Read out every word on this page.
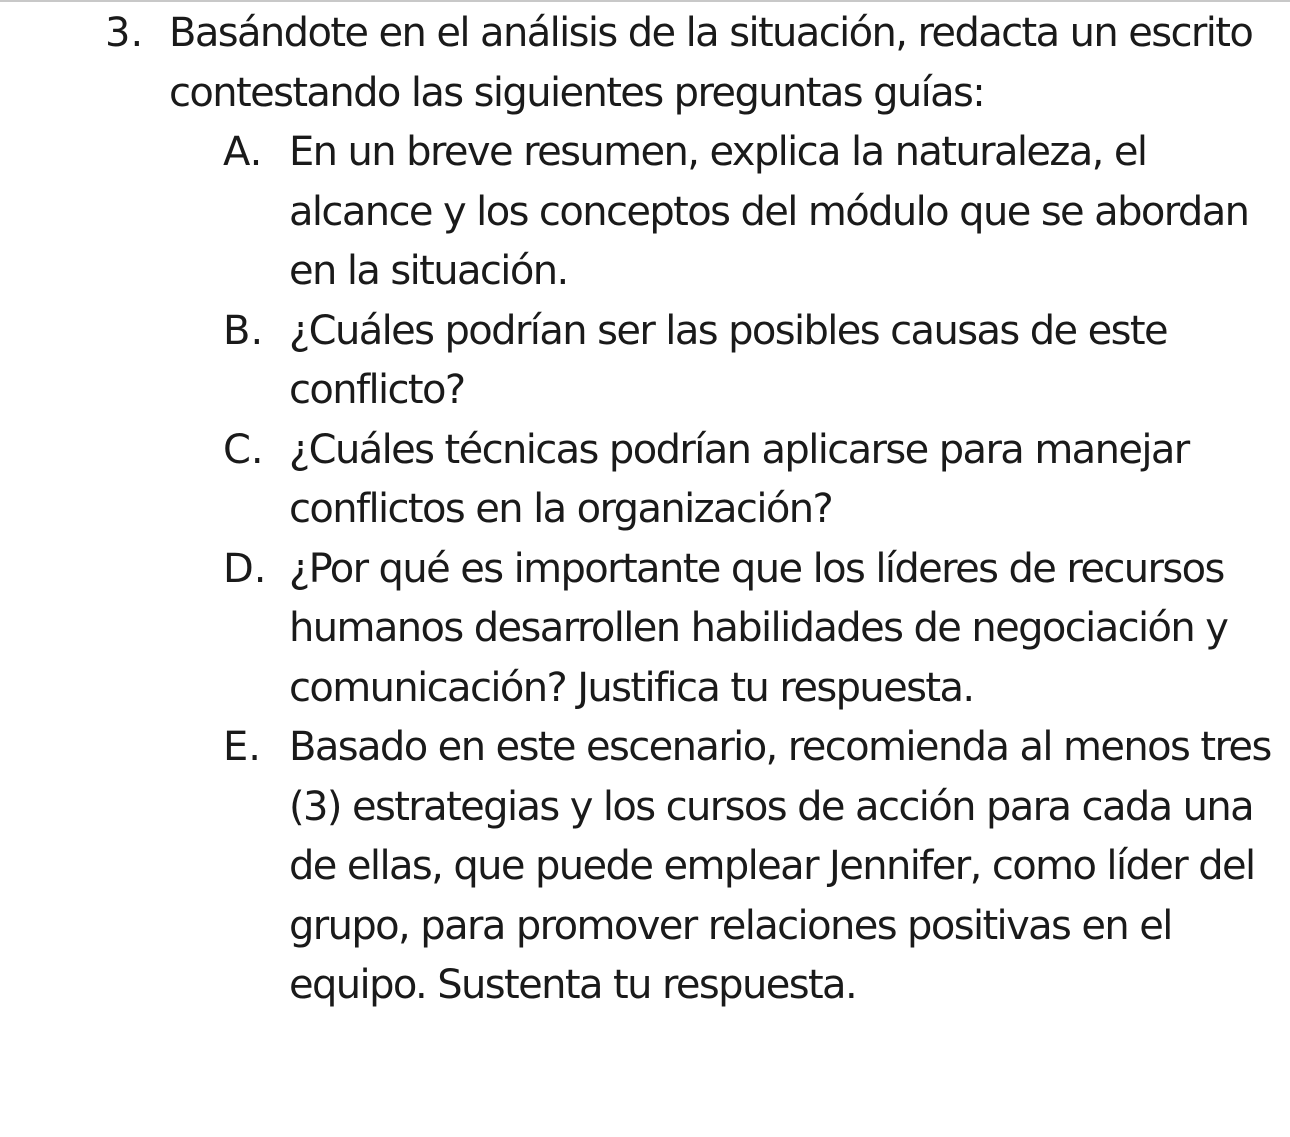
3. Basándote en el análisis de la situación, redacta un escrito contestando las siguientes preguntas guías:
A. En un breve resumen, explica la naturaleza, el alcance y los conceptos del módulo que se abordan en la situación.
B. ¿Cuáles podrían ser las posibles causas de este conflicto?
C. ¿Cuáles técnicas podrían aplicarse para manejar conflictos en la organización?
D. ¿Por qué es importante que los líderes de recursos humanos desarrollen habilidades de negociación y comunicación? Justifica tu respuesta.
E. Basado en este escenario, recomienda al menos tres (3) estrategias y los cursos de acción para cada una de ellas, que puede emplear Jennifer, como líder del grupo, para promover relaciones positivas en el equipo. Sustenta tu respuesta.
